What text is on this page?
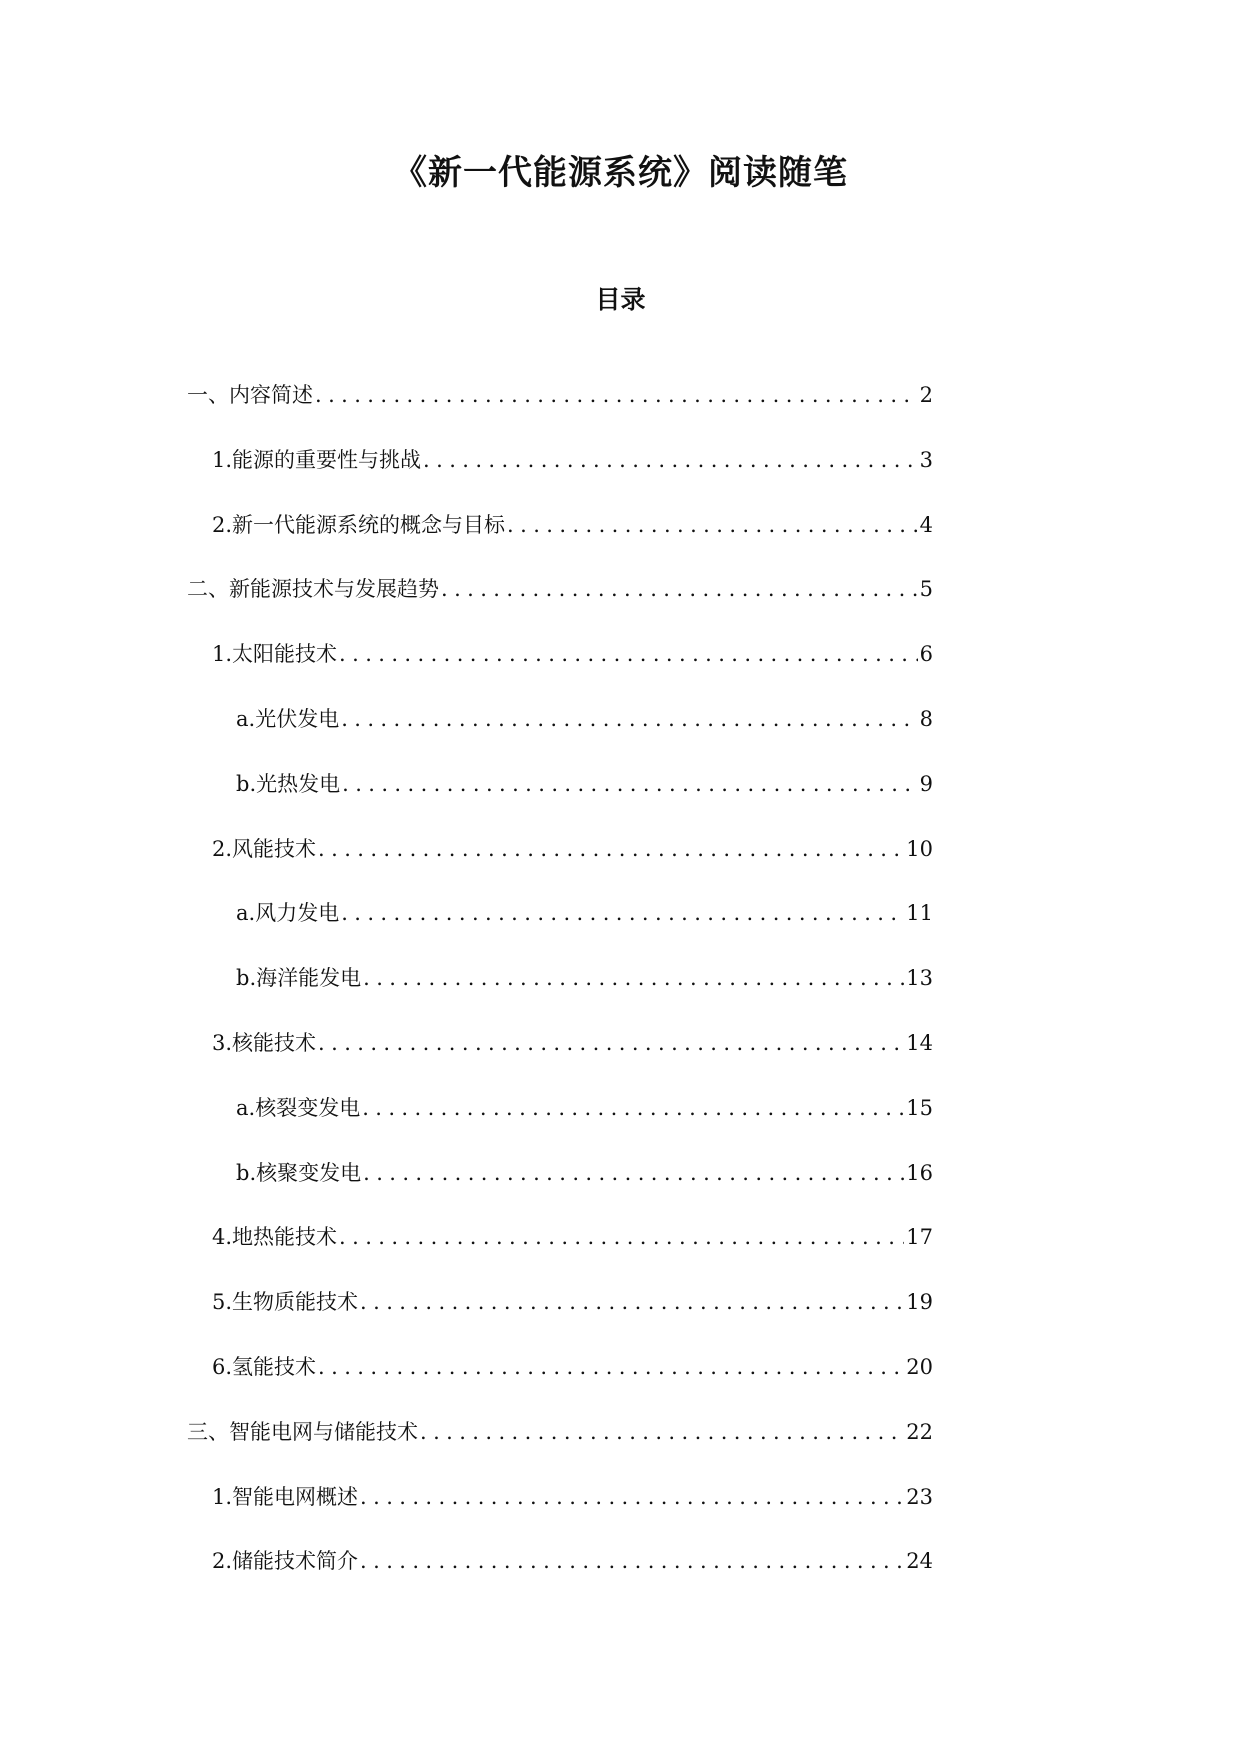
《新一代能源系统》阅读随笔
目录
一、 内容简述 .....	2
1. 能源的重要性与挑战 .....	3
2. 新一代能源系统的概念与目标 .....	4
二、 新能源技术与发展趋势 .....	5
1. 太阳能技术 .....	6
a. 光伏发电 .....	8
b. 光热发电 .....	9
2. 风能技术 .....	10
a. 风力发电 .....	11
b. 海洋能发电 .....	13
3. 核能技术 .....	14
a. 核裂变发电 .....	15
b. 核聚变发电 .....	16
4. 地热能技术 .....	17
5. 生物质能技术 .....	19
6. 氢能技术 .....	20
三、 智能电网与储能技术 .....	22
1. 智能电网概述 .....	23
2. 储能技术简介 .....	24
